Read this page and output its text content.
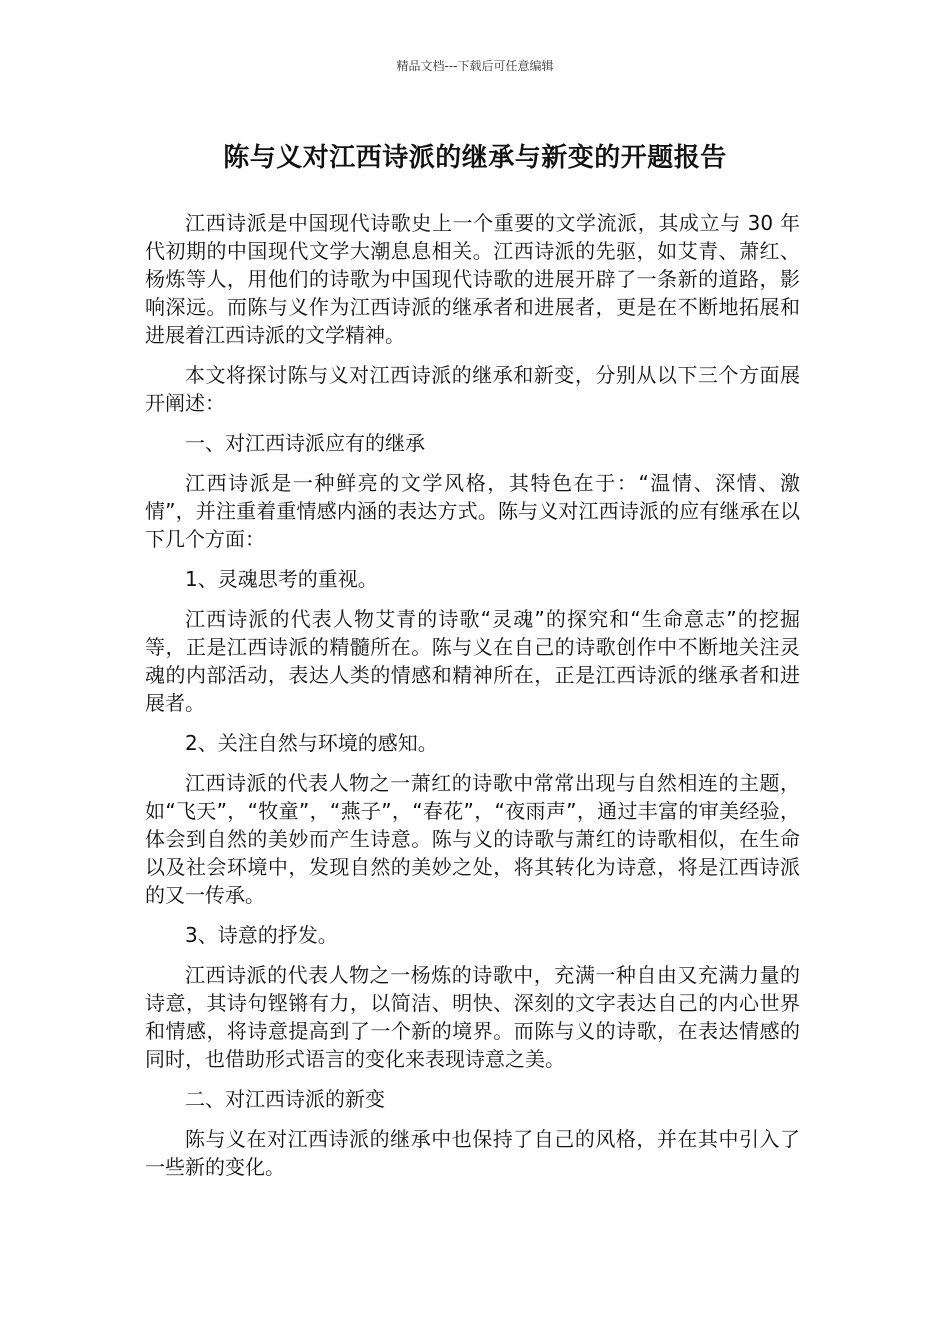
精品文档---下载后可任意编辑
陈与义对江西诗派的继承与新变的开题报告

江西诗派是中国现代诗歌史上一个重要的文学流派，其成立与 30 年代初期的中国现代文学大潮息息相关。江西诗派的先驱，如艾青、萧红、杨炼等人，用他们的诗歌为中国现代诗歌的进展开辟了一条新的道路，影响深远。而陈与义作为江西诗派的继承者和进展者，更是在不断地拓展和进展着江西诗派的文学精神。

本文将探讨陈与义对江西诗派的继承和新变，分别从以下三个方面展开阐述：

一、对江西诗派应有的继承

江西诗派是一种鲜亮的文学风格，其特色在于：“温情、深情、激情”，并注重着重情感内涵的表达方式。陈与义对江西诗派的应有继承在以下几个方面：

1、灵魂思考的重视。

江西诗派的代表人物艾青的诗歌“灵魂”的探究和“生命意志”的挖掘等，正是江西诗派的精髓所在。陈与义在自己的诗歌创作中不断地关注灵魂的内部活动，表达人类的情感和精神所在，正是江西诗派的继承者和进展者。

2、关注自然与环境的感知。

江西诗派的代表人物之一萧红的诗歌中常常出现与自然相连的主题，如“飞天”，“牧童”，“燕子”，“春花”，“夜雨声”，通过丰富的审美经验，体会到自然的美妙而产生诗意。陈与义的诗歌与萧红的诗歌相似，在生命以及社会环境中，发现自然的美妙之处，将其转化为诗意，将是江西诗派的又一传承。

3、诗意的抒发。

江西诗派的代表人物之一杨炼的诗歌中，充满一种自由又充满力量的诗意，其诗句铿锵有力，以简洁、明快、深刻的文字表达自己的内心世界和情感，将诗意提高到了一个新的境界。而陈与义的诗歌，在表达情感的同时，也借助形式语言的变化来表现诗意之美。

二、对江西诗派的新变

陈与义在对江西诗派的继承中也保持了自己的风格，并在其中引入了一些新的变化。
